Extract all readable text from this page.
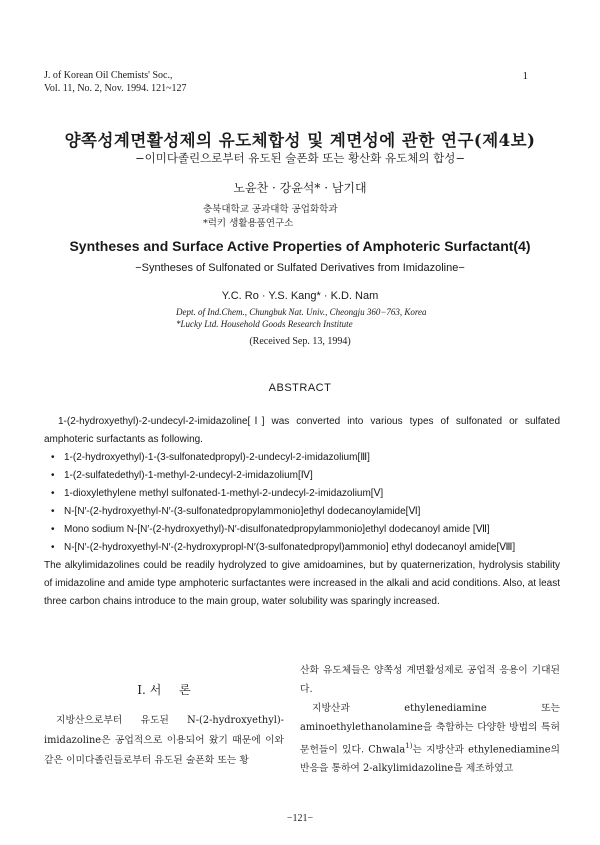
J. of Korean Oil Chemists' Soc.,
Vol. 11, No. 2, Nov. 1994. 121~127
1
양쪽성계면활성제의 유도체합성 및 계면성에 관한 연구(제4보)
−이미다졸린으로부터 유도된 술폰화 또는 황산화 유도체의 합성−
노윤찬 · 강윤석* · 남기대
충북대학교 공과대학 공업화학과
*럭키 생활용품연구소
Syntheses and Surface Active Properties of Amphoteric Surfactant(4)
−Syntheses of Sulfonated or Sulfated Derivatives from Imidazoline−
Y.C. Ro · Y.S. Kang* · K.D. Nam
Dept. of Ind.Chem., Chungbuk Nat. Univ., Cheongju 360−763, Korea
*Lucky Ltd. Household Goods Research Institute
(Received Sep. 13, 1994)
ABSTRACT

1-(2-hydroxyethyl)-2-undecyl-2-imidazoline[Ⅰ] was converted into various types of sulfonated or sulfated amphoteric surfactants as following.

• 1-(2-hydroxyethyl)-1-(3-sulfonatedpropyl)-2-undecyl-2-imidazolium[Ⅲ]
• 1-(2-sulfatedethyl)-1-methyl-2-undecyl-2-imidazolium[Ⅳ]
• 1-dioxylethylene methyl sulfonated-1-methyl-2-undecyl-2-imidazolium[Ⅴ]
• N-[N′-(2-hydroxyethyl-N′-(3-sulfonatedpropylammonio]ethyl dodecanoylamide[Ⅵ]
• Mono sodium N-[N′-(2-hydroxyethyl)-N′-disulfonatedpropylammonio]ethyl dodecanoyl amide [Ⅶ]
• N-[N′-(2-hydroxyethyl-N′-(2-hydroxypropl-N′(3-sulfonatedpropyl)ammonio] ethyl dodecanoyl amide[Ⅷ]

The alkylimidazolines could be readily hydrolyzed to give amidoamines, but by quaternerization, hydrolysis stability of imidazoline and amide type amphoteric surfactantes were increased in the alkali and acid conditions. Also, at least three carbon chains introduce to the main group, water solubility was sparingly increased.

Ⅰ. 서 론

지방산으로부터 유도된 N-(2-hydroxyethyl)-imidazoline은 공업적으로 이용되어 왔기 때문에 이와 같은 이미다졸린들로부터 유도된 술폰화 또는 황

산화 유도체들은 양쪽성 계면활성제로 공업적 응용이 기대된다.

지방산과 ethylenediamine 또는 aminoethylethanolamine을 축합하는 다양한 방법의 특허 문헌들이 있다. Chwala$^{1)}$는 지방산과 ethylenediamine의 반응을 통하여 2-alkylimidazoline을 제조하였고

−121−
